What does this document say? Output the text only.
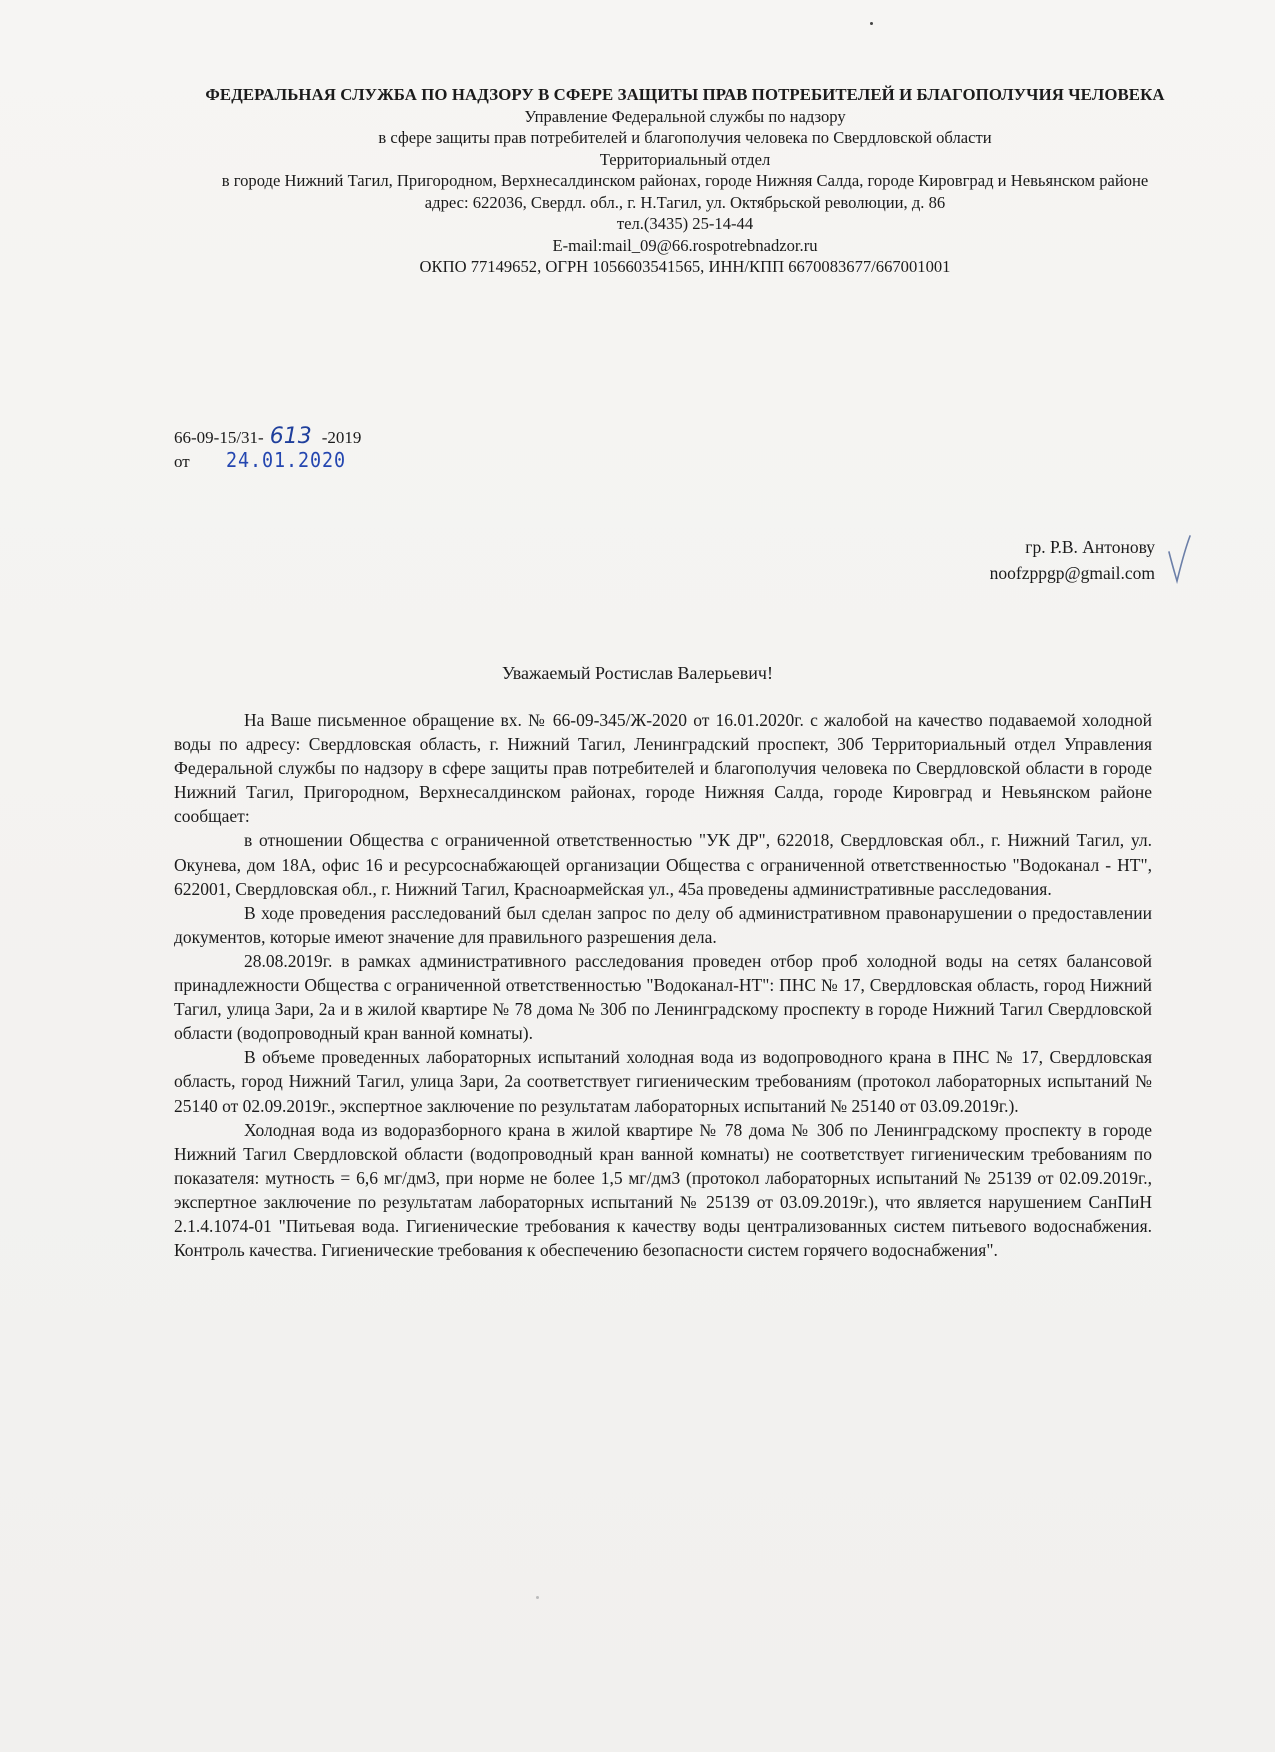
ФЕДЕРАЛЬНАЯ СЛУЖБА ПО НАДЗОРУ В СФЕРЕ ЗАЩИТЫ ПРАВ ПОТРЕБИТЕЛЕЙ И БЛАГОПОЛУЧИЯ ЧЕЛОВЕКА
Управление Федеральной службы по надзору
в сфере защиты прав потребителей и благополучия человека по Свердловской области
Территориальный отдел
в городе Нижний Тагил, Пригородном, Верхнесалдинском районах, городе Нижняя Салда, городе Кировград и Невьянском районе
адрес: 622036, Свердл. обл., г. Н.Тагил, ул. Октябрьской революции, д. 86
тел.(3435) 25-14-44
E-mail:mail_09@66.rospotrebnadzor.ru
ОКПО 77149652, ОГРН 1056603541565, ИНН/КПП 6670083677/667001001
66-09-15/31- 613 -2019
от 24.01.2020
гр. Р.В. Антонову
noofzppgp@gmail.com
Уважаемый Ростислав Валерьевич!

На Ваше письменное обращение вх. № 66-09-345/Ж-2020 от 16.01.2020г. с жалобой на качество подаваемой холодной воды по адресу: Свердловская область, г. Нижний Тагил, Ленинградский проспект, 30б Территориальный отдел Управления Федеральной службы по надзору в сфере защиты прав потребителей и благополучия человека по Свердловской области в городе Нижний Тагил, Пригородном, Верхнесалдинском районах, городе Нижняя Салда, городе Кировград и Невьянском районе сообщает:

в отношении Общества с ограниченной ответственностью "УК ДР", 622018, Свердловская обл., г. Нижний Тагил, ул. Окунева, дом 18А, офис 16 и ресурсоснабжающей организации Общества с ограниченной ответственностью "Водоканал - НТ", 622001, Свердловская обл., г. Нижний Тагил, Красноармейская ул., 45а проведены административные расследования.

В ходе проведения расследований был сделан запрос по делу об административном правонарушении о предоставлении документов, которые имеют значение для правильного разрешения дела.

28.08.2019г. в рамках административного расследования проведен отбор проб холодной воды на сетях балансовой принадлежности Общества с ограниченной ответственностью "Водоканал-НТ": ПНС № 17, Свердловская область, город Нижний Тагил, улица Зари, 2а и в жилой квартире № 78 дома № 30б по Ленинградскому проспекту в городе Нижний Тагил Свердловской области (водопроводный кран ванной комнаты).

В объеме проведенных лабораторных испытаний холодная вода из водопроводного крана в ПНС № 17, Свердловская область, город Нижний Тагил, улица Зари, 2а соответствует гигиеническим требованиям (протокол лабораторных испытаний № 25140 от 02.09.2019г., экспертное заключение по результатам лабораторных испытаний № 25140 от 03.09.2019г.).

Холодная вода из водоразборного крана в жилой квартире № 78 дома № 30б по Ленинградскому проспекту в городе Нижний Тагил Свердловской области (водопроводный кран ванной комнаты) не соответствует гигиеническим требованиям по показателя: мутность = 6,6 мг/дм3, при норме не более 1,5 мг/дм3 (протокол лабораторных испытаний № 25139 от 02.09.2019г., экспертное заключение по результатам лабораторных испытаний № 25139 от 03.09.2019г.), что является нарушением СанПиН 2.1.4.1074-01 "Питьевая вода. Гигиенические требования к качеству воды централизованных систем питьевого водоснабжения. Контроль качества. Гигиенические требования к обеспечению безопасности систем горячего водоснабжения".
